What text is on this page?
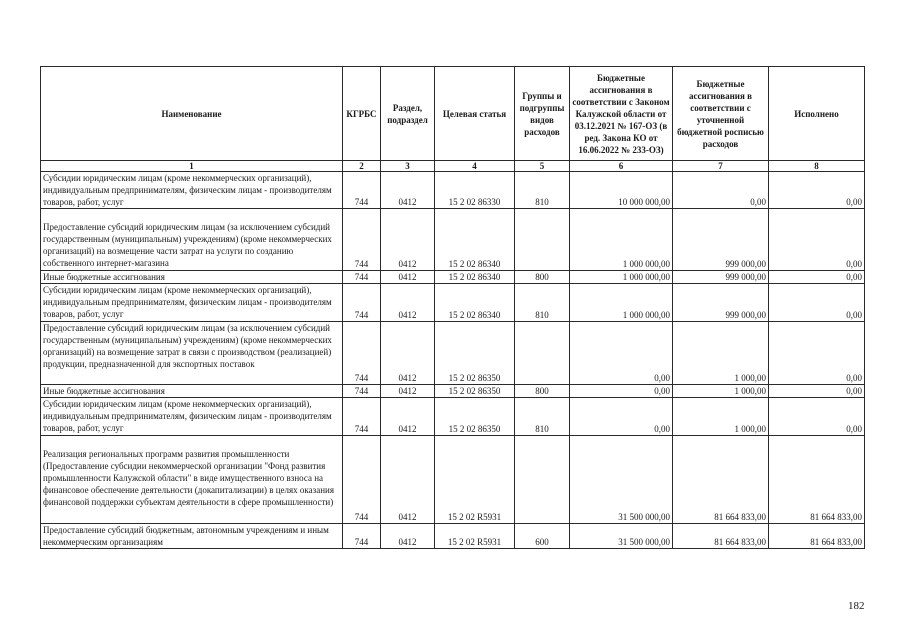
Наименование	КГРБС	Раздел, подраздел	Целевая статья	Группы и подгруппы видов расходов	Бюджетные ассигнования в соответствии с Законом Калужской области от 03.12.2021 № 167-ОЗ (в ред. Закона КО от 16.06.2022 № 233-ОЗ)	Бюджетные ассигнования в соответствии с уточненной бюджетной росписью расходов	Исполнено
1	2	3	4	5	6	7	8
Субсидии юридическим лицам (кроме некоммерческих организаций), индивидуальным предпринимателям, физическим лицам - производителям товаров, работ, услуг	744	0412	15 2 02 86330	810	10 000 000,00	0,00	0,00
Предоставление субсидий юридическим лицам (за исключением субсидий государственным (муниципальным) учреждениям) (кроме некоммерческих организаций) на возмещение части затрат на услуги по созданию собственного интернет-магазина	744	0412	15 2 02 86340		1 000 000,00	999 000,00	0,00
Иные бюджетные ассигнования	744	0412	15 2 02 86340	800	1 000 000,00	999 000,00	0,00
Субсидии юридическим лицам (кроме некоммерческих организаций), индивидуальным предпринимателям, физическим лицам - производителям товаров, работ, услуг	744	0412	15 2 02 86340	810	1 000 000,00	999 000,00	0,00
Предоставление субсидий юридическим лицам (за исключением субсидий государственным (муниципальным) учреждениям) (кроме некоммерческих организаций) на возмещение затрат в связи с производством (реализацией) продукции, предназначенной для экспортных поставок	744	0412	15 2 02 86350		0,00	1 000,00	0,00
Иные бюджетные ассигнования	744	0412	15 2 02 86350	800	0,00	1 000,00	0,00
Субсидии юридическим лицам (кроме некоммерческих организаций), индивидуальным предпринимателям, физическим лицам - производителям товаров, работ, услуг	744	0412	15 2 02 86350	810	0,00	1 000,00	0,00
Реализация региональных программ развития промышленности (Предоставление субсидии некоммерческой организации "Фонд развития промышленности Калужской области" в виде имущественного взноса на финансовое обеспечение деятельности (докапитализации) в целях оказания финансовой поддержки субъектам деятельности в сфере промышленности)	744	0412	15 2 02 R5931		31 500 000,00	81 664 833,00	81 664 833,00
Предоставление субсидий бюджетным, автономным учреждениям и иным некоммерческим организациям	744	0412	15 2 02 R5931	600	31 500 000,00	81 664 833,00	81 664 833,00
182
